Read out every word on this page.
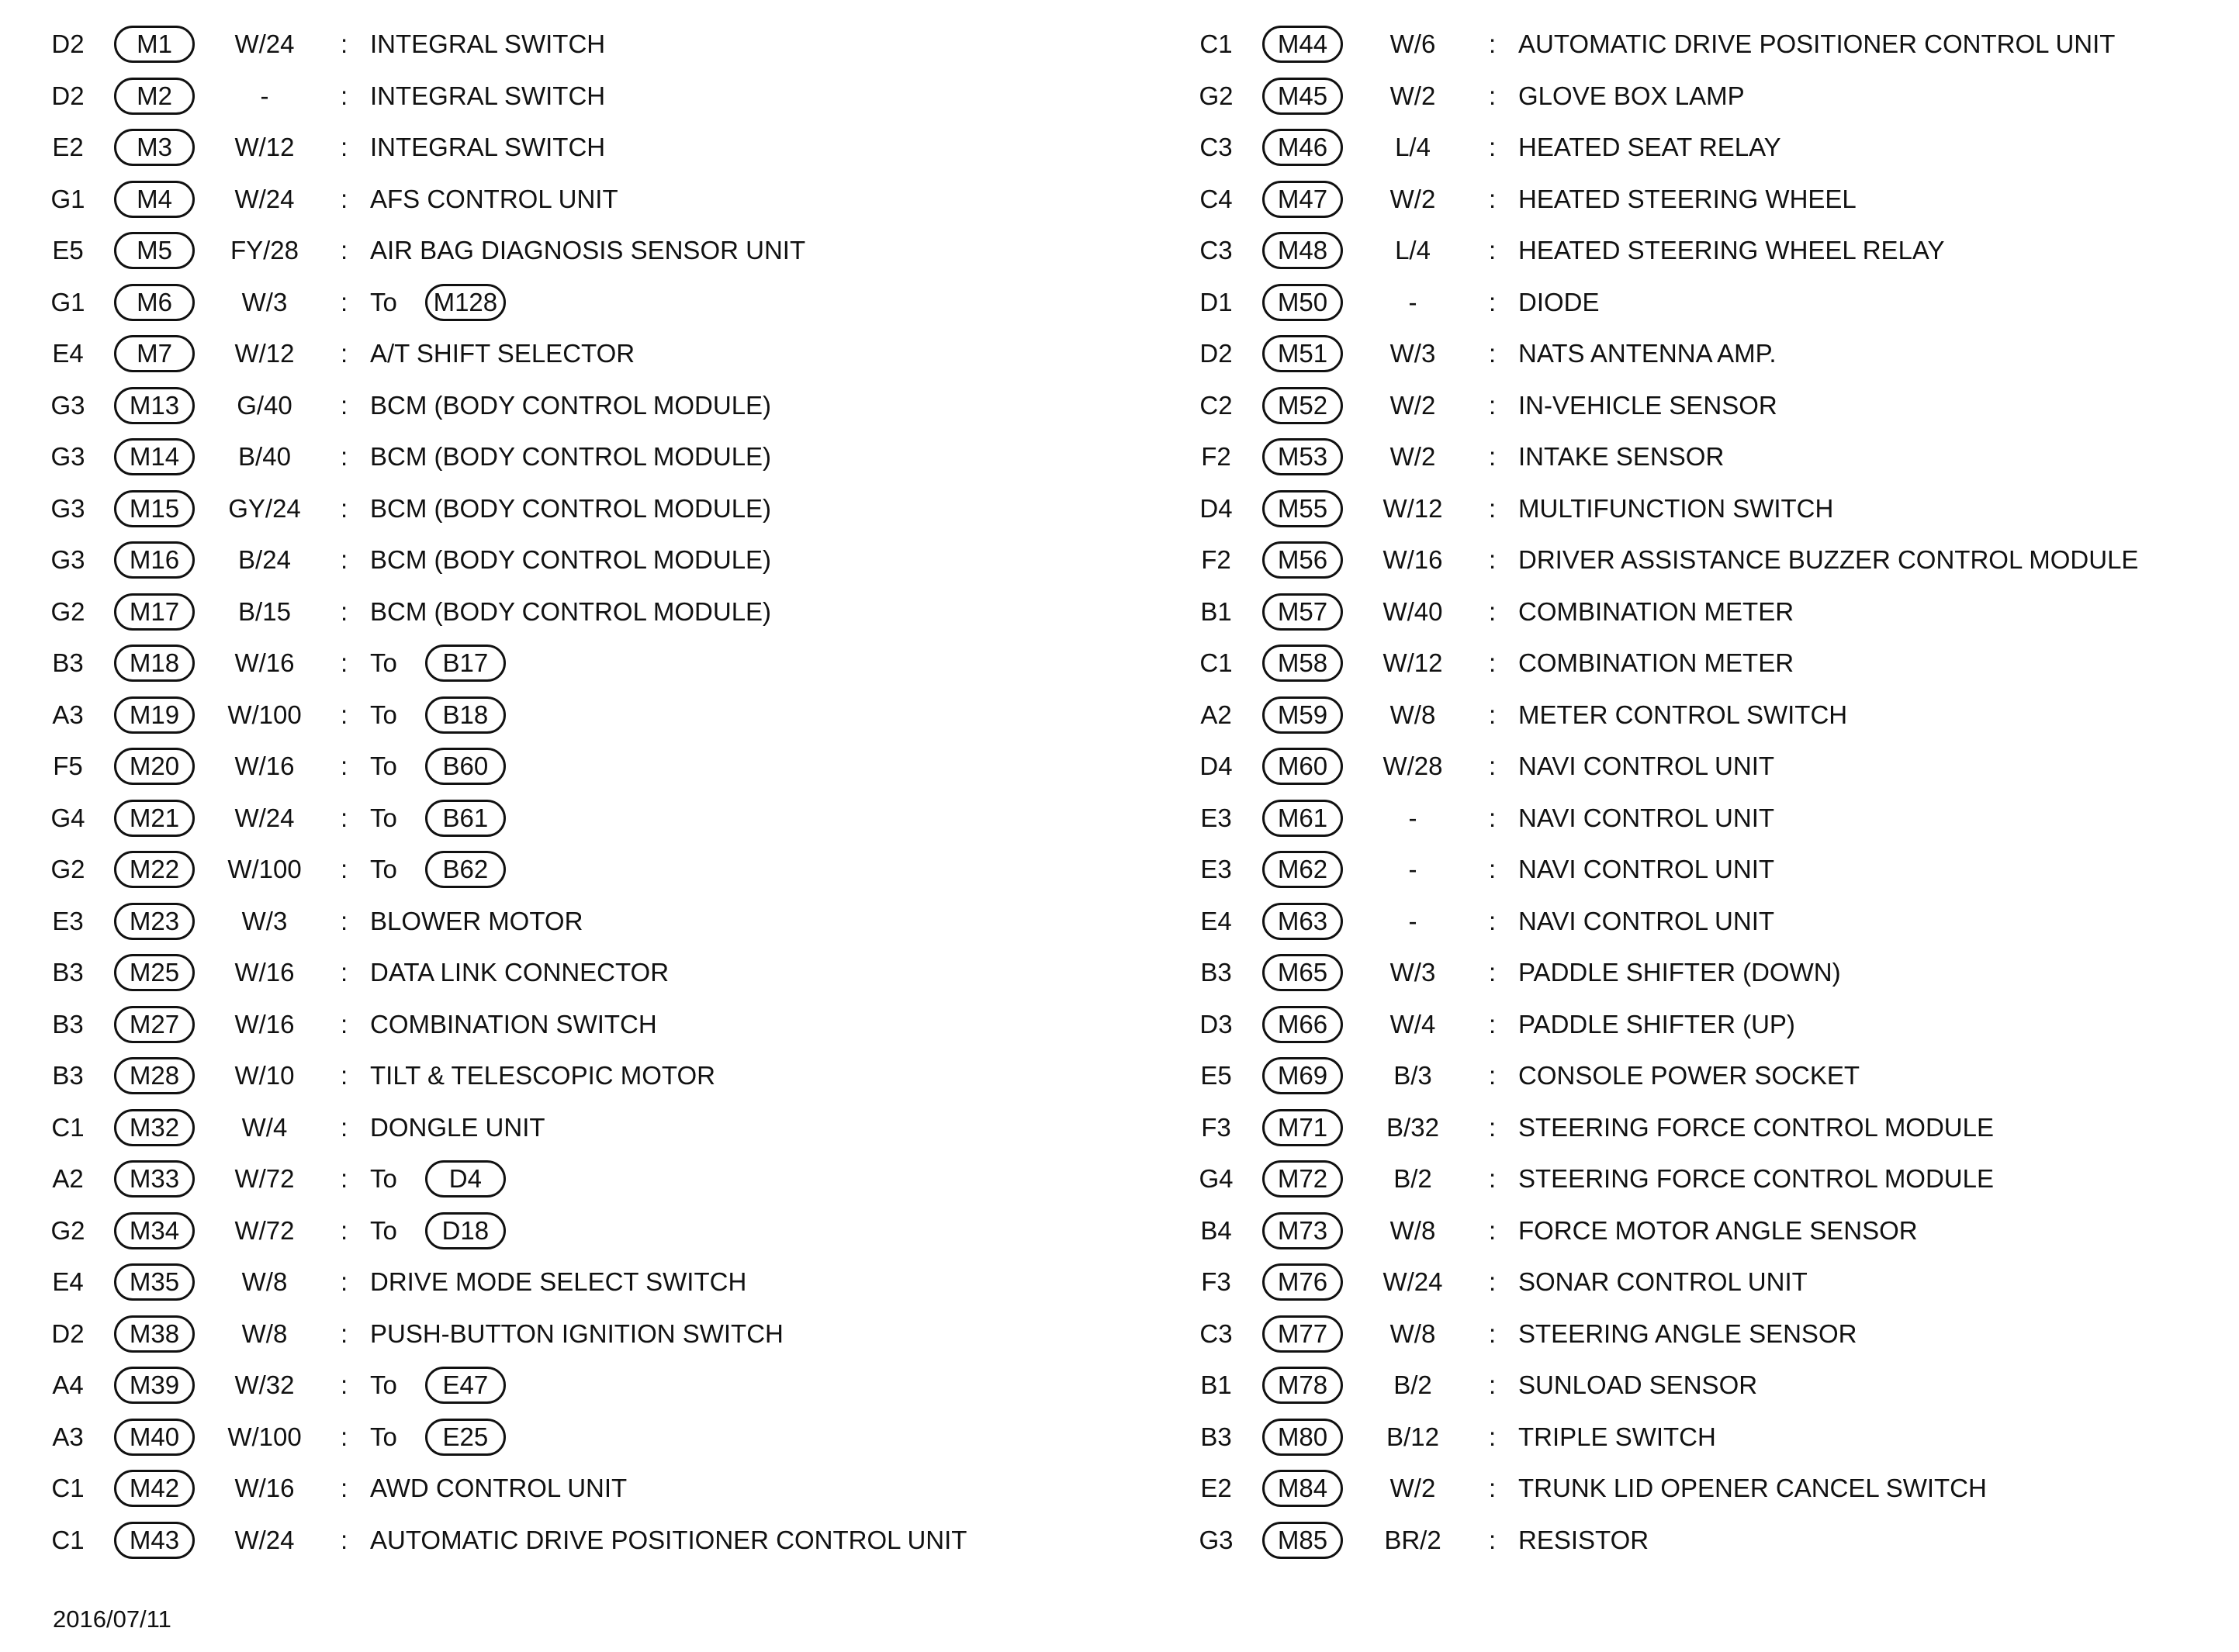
D2	M1	W/24	: INTEGRAL SWITCH
D2	M2	-	: INTEGRAL SWITCH
E2	M3	W/12	: INTEGRAL SWITCH
G1	M4	W/24	: AFS CONTROL UNIT
E5	M5	FY/28	: AIR BAG DIAGNOSIS SENSOR UNIT
G1	M6	W/3	: To	M128
E4	M7	W/12	: A/T SHIFT SELECTOR
G3	M13	G/40	: BCM (BODY CONTROL MODULE)
G3	M14	B/40	: BCM (BODY CONTROL MODULE)
G3	M15	GY/24	: BCM (BODY CONTROL MODULE)
G3	M16	B/24	: BCM (BODY CONTROL MODULE)
G2	M17	B/15	: BCM (BODY CONTROL MODULE)
B3	M18	W/16	: To	B17
A3	M19	W/100	: To	B18
F5	M20	W/16	: To	B60
G4	M21	W/24	: To	B61
G2	M22	W/100	: To	B62
E3	M23	W/3	: BLOWER MOTOR
B3	M25	W/16	: DATA LINK CONNECTOR
B3	M27	W/16	: COMBINATION SWITCH
B3	M28	W/10	: TILT & TELESCOPIC MOTOR
C1	M32	W/4	: DONGLE UNIT
A2	M33	W/72	: To	D4
G2	M34	W/72	: To	D18
E4	M35	W/8	: DRIVE MODE SELECT SWITCH
D2	M38	W/8	: PUSH-BUTTON IGNITION SWITCH
A4	M39	W/32	: To	E47
A3	M40	W/100	: To	E25
C1	M42	W/16	: AWD CONTROL UNIT
C1	M43	W/24	: AUTOMATIC DRIVE POSITIONER CONTROL UNIT
C1	M44	W/6	: AUTOMATIC DRIVE POSITIONER CONTROL UNIT
G2	M45	W/2	: GLOVE BOX LAMP
C3	M46	L/4	: HEATED SEAT RELAY
C4	M47	W/2	: HEATED STEERING WHEEL
C3	M48	L/4	: HEATED STEERING WHEEL RELAY
D1	M50	-	: DIODE
D2	M51	W/3	: NATS ANTENNA AMP.
C2	M52	W/2	: IN-VEHICLE SENSOR
F2	M53	W/2	: INTAKE SENSOR
D4	M55	W/12	: MULTIFUNCTION SWITCH
F2	M56	W/16	: DRIVER ASSISTANCE BUZZER CONTROL MODULE
B1	M57	W/40	: COMBINATION METER
C1	M58	W/12	: COMBINATION METER
A2	M59	W/8	: METER CONTROL SWITCH
D4	M60	W/28	: NAVI CONTROL UNIT
E3	M61	-	: NAVI CONTROL UNIT
E3	M62	-	: NAVI CONTROL UNIT
E4	M63	-	: NAVI CONTROL UNIT
B3	M65	W/3	: PADDLE SHIFTER (DOWN)
D3	M66	W/4	: PADDLE SHIFTER (UP)
E5	M69	B/3	: CONSOLE POWER SOCKET
F3	M71	B/32	: STEERING FORCE CONTROL MODULE
G4	M72	B/2	: STEERING FORCE CONTROL MODULE
B4	M73	W/8	: FORCE MOTOR ANGLE SENSOR
F3	M76	W/24	: SONAR CONTROL UNIT
C3	M77	W/8	: STEERING ANGLE SENSOR
B1	M78	B/2	: SUNLOAD SENSOR
B3	M80	B/12	: TRIPLE SWITCH
E2	M84	W/2	: TRUNK LID OPENER CANCEL SWITCH
G3	M85	BR/2	: RESISTOR
2016/07/11
